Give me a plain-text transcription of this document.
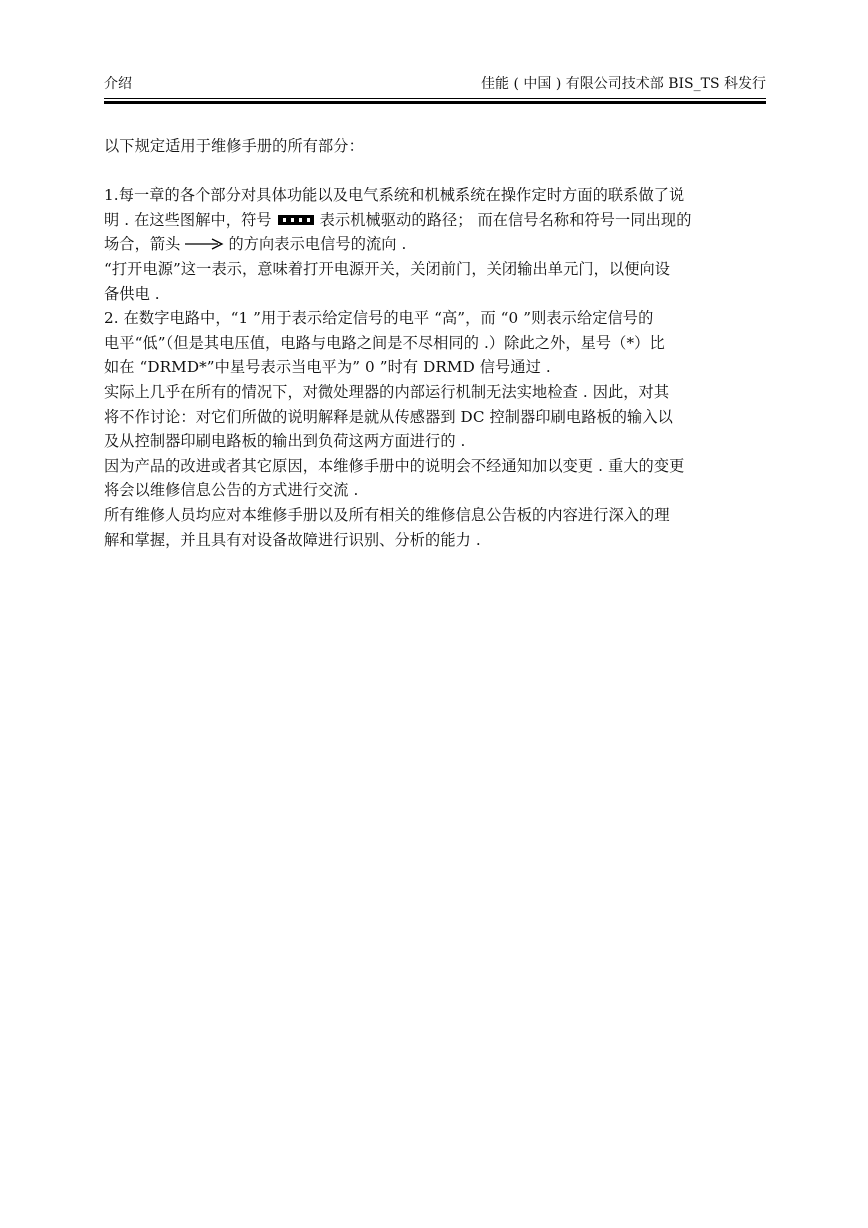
介绍	佳能 ( 中国 ) 有限公司技术部 BIS_TS 科发行

以下规定适用于维修手册的所有部分：

1.每一章的各个部分对具体功能以及电气系统和机械系统在操作定时方面的联系做了说

明 . 在这些图解中，符号	表示机械驱动的路径； 而在信号名称和符号一同出现的

场合，箭头	的方向表示电信号的流向 .

“打开电源”这一表示，意味着打开电源开关，关闭前门，关闭输出单元门，以便向设

备供电 .

2. 在数字电路中，“1 ”用于表示给定信号的电平 “高”，而 “0 ”则表示给定信号的

电平“低”（但是其电压值，电路与电路之间是不尽相同的 .）除此之外，星号（*）比

如在 “DRMD*”中星号表示当电平为” 0 ”时有 DRMD 信号通过 .

实际上几乎在所有的情况下，对微处理器的内部运行机制无法实地检查 . 因此，对其

将不作讨论：对它们所做的说明解释是就从传感器到 DC 控制器印刷电路板的输入以

及从控制器印刷电路板的输出到负荷这两方面进行的 .

因为产品的改进或者其它原因，本维修手册中的说明会不经通知加以变更 . 重大的变更

将会以维修信息公告的方式进行交流 .

所有维修人员均应对本维修手册以及所有相关的维修信息公告板的内容进行深入的理

解和掌握，并且具有对设备故障进行识别、分析的能力 .
